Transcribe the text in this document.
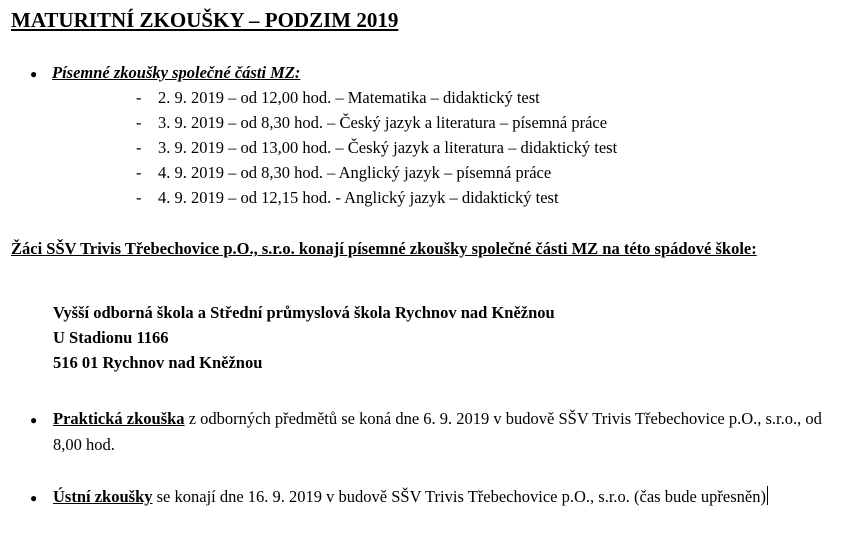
MATURITNÍ ZKOUŠKY – PODZIM 2019
● Písemné zkoušky společné části MZ:
- 2. 9. 2019 – od 12,00 hod. – Matematika – didaktický test
- 3. 9. 2019 – od 8,30 hod. – Český jazyk a literatura – písemná práce
- 3. 9. 2019 – od 13,00 hod. – Český jazyk a literatura – didaktický test
- 4. 9. 2019 – od 8,30 hod. – Anglický jazyk – písemná práce
- 4. 9. 2019 – od 12,15 hod. - Anglický jazyk – didaktický test
Žáci SŠV Trivis Třebechovice p.O., s.r.o. konají písemné zkoušky společné části MZ na této spádové škole:
Vyšší odborná škola a Střední průmyslová škola Rychnov nad Kněžnou
U Stadionu 1166
516 01 Rychnov nad Kněžnou
● Praktická zkouška z odborných předmětů se koná dne 6. 9. 2019 v budově SŠV Trivis Třebechovice p.O., s.r.o., od 8,00 hod.
● Ústní zkoušky se konají dne 16. 9. 2019 v budově SŠV Trivis Třebechovice p.O., s.r.o. (čas bude upřesněn)
